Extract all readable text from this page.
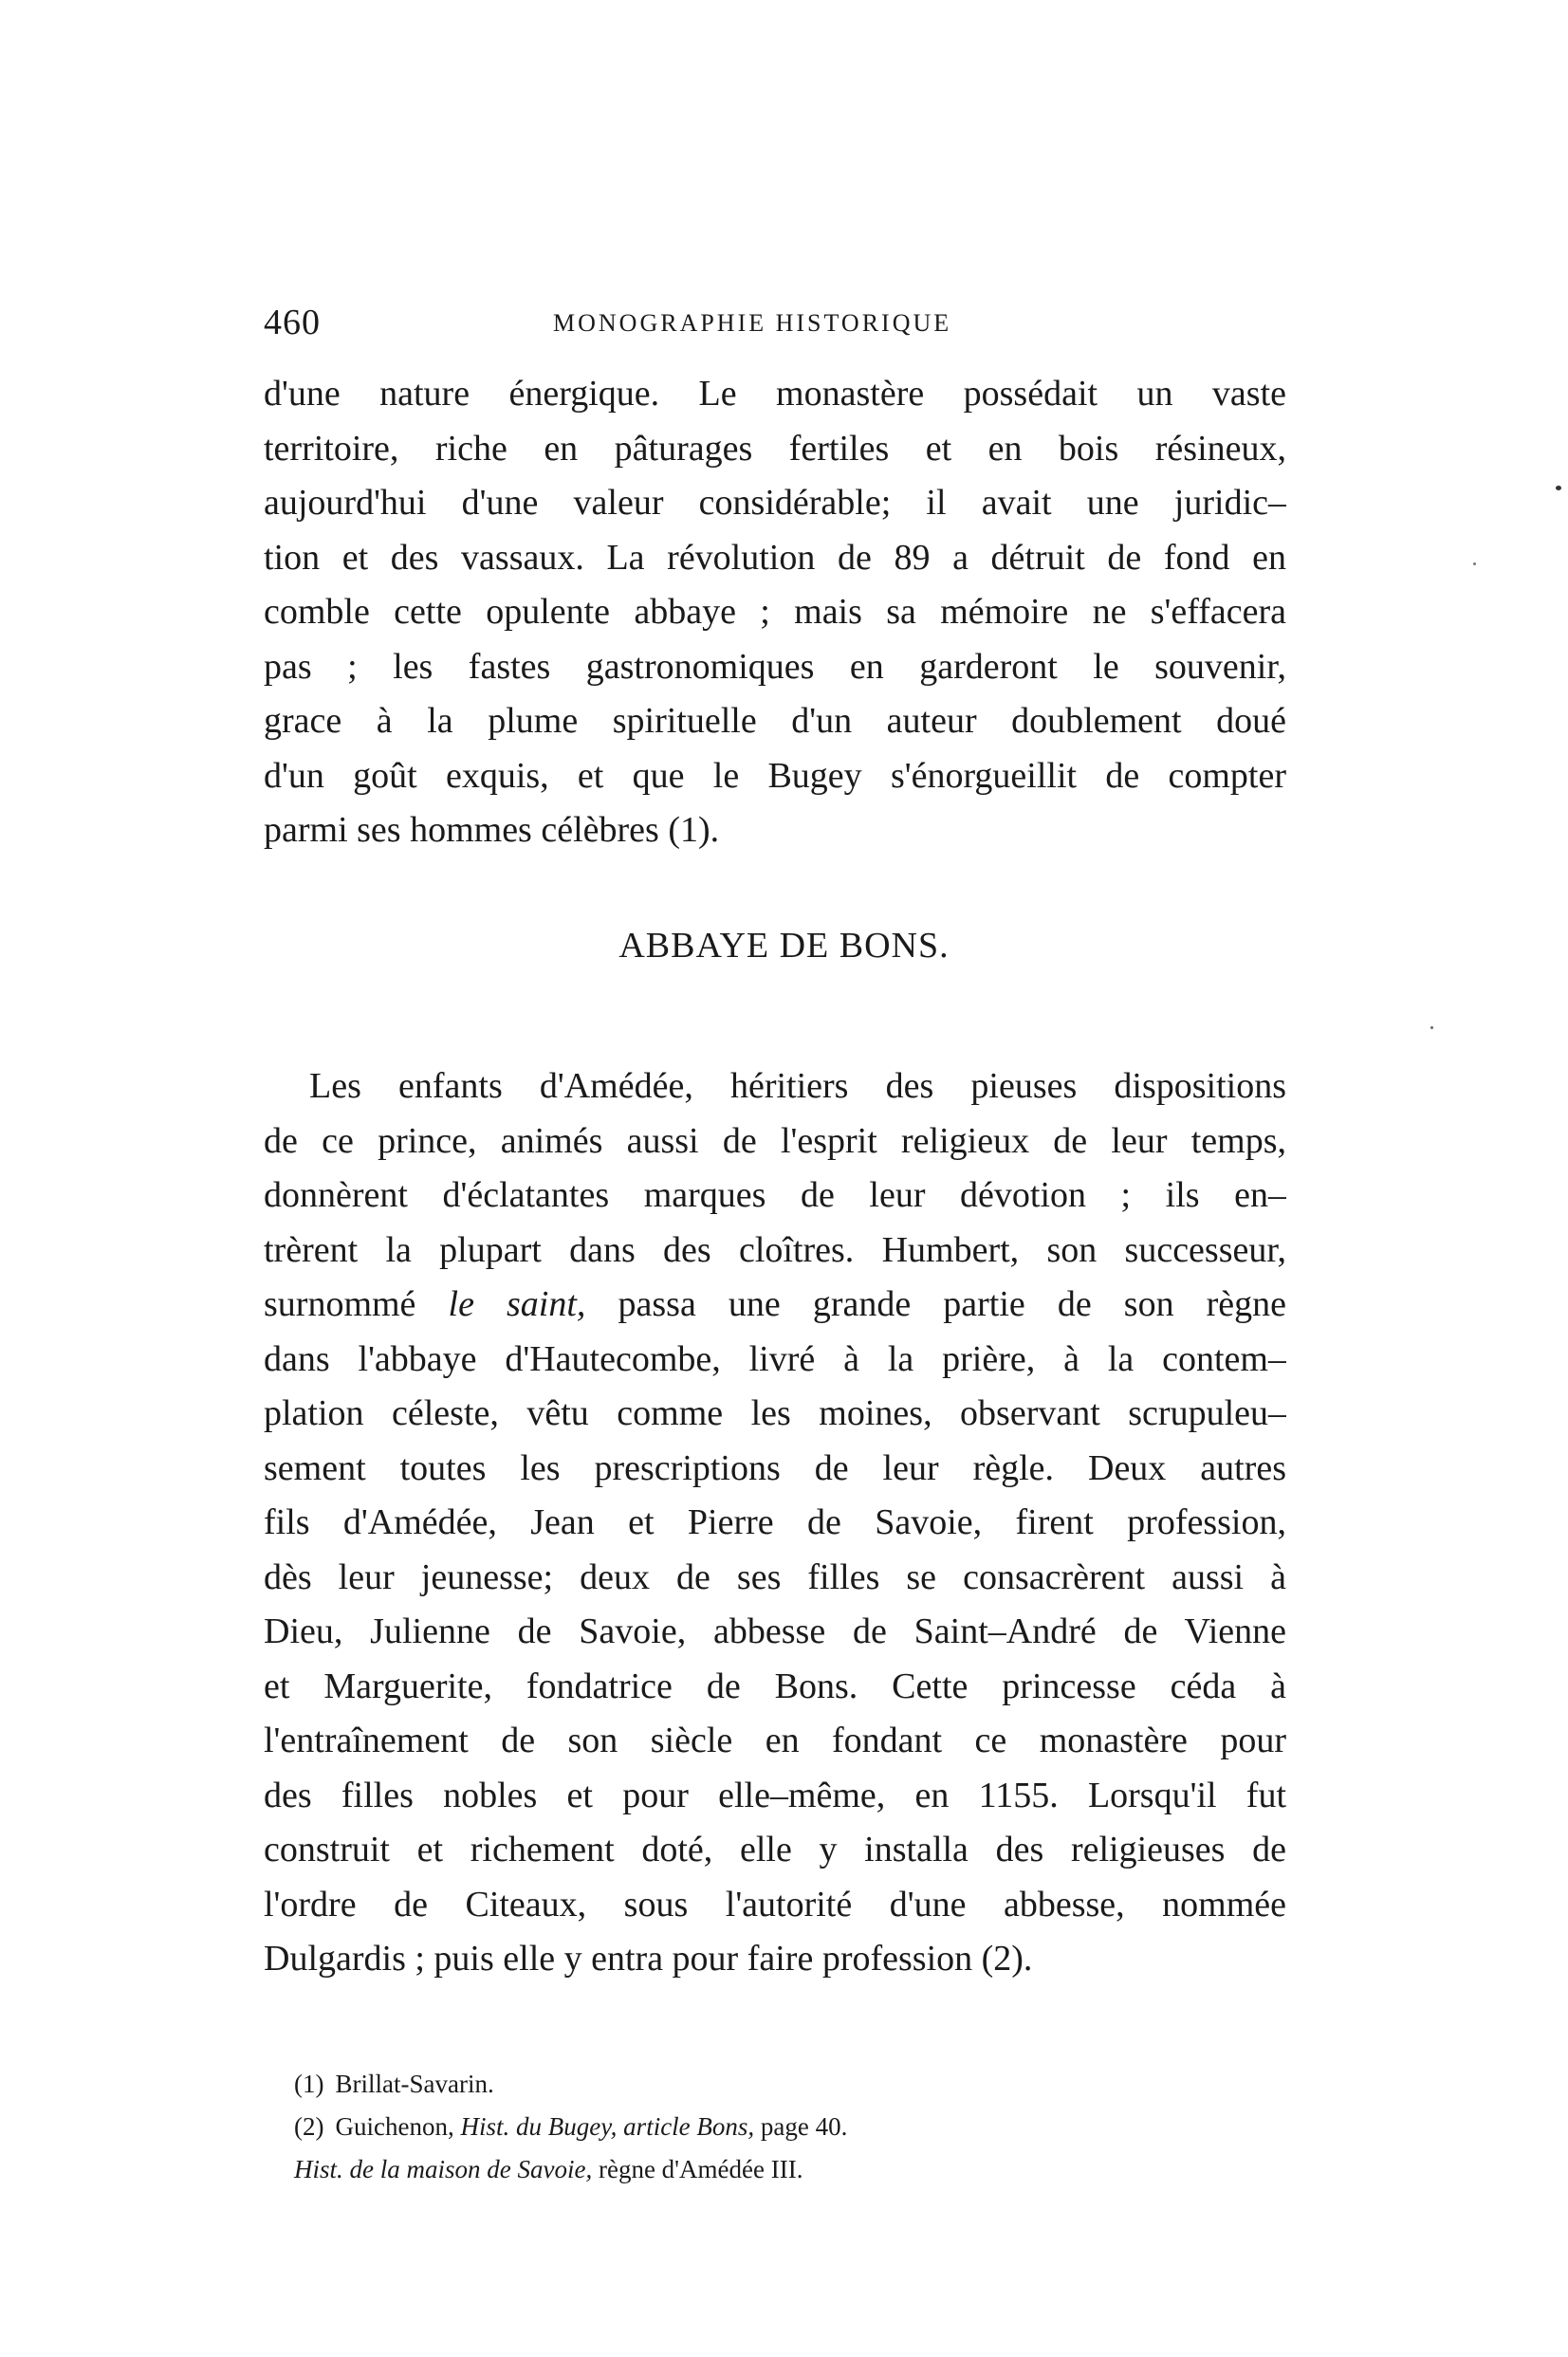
460	MONOGRAPHIE HISTORIQUE
d'une nature énergique. Le monastère possédait un vaste
territoire, riche en pâturages fertiles et en bois résineux,
aujourd'hui d'une valeur considérable; il avait une juridic–
tion et des vassaux. La révolution de 89 a détruit de fond en
comble cette opulente abbaye ; mais sa mémoire ne s'effacera
pas ; les fastes gastronomiques en garderont le souvenir,
grace à la plume spirituelle d'un auteur doublement doué
d'un goût exquis, et que le Bugey s'énorgueillit de compter
parmi ses hommes célèbres (1).
ABBAYE DE BONS.
Les enfants d'Amédée, héritiers des pieuses dispositions
de ce prince, animés aussi de l'esprit religieux de leur temps,
donnèrent d'éclatantes marques de leur dévotion ; ils en–
trèrent la plupart dans des cloîtres. Humbert, son successeur,
surnommé le saint, passa une grande partie de son règne
dans l'abbaye d'Hautecombe, livré à la prière, à la contem–
plation céleste, vêtu comme les moines, observant scrupuleu–
sement toutes les prescriptions de leur règle. Deux autres
fils d'Amédée, Jean et Pierre de Savoie, firent profession,
dès leur jeunesse; deux de ses filles se consacrèrent aussi à
Dieu, Julienne de Savoie, abbesse de Saint–André de Vienne
et Marguerite, fondatrice de Bons. Cette princesse céda à
l'entraînement de son siècle en fondant ce monastère pour
des filles nobles et pour elle–même, en 1155. Lorsqu'il fut
construit et richement doté, elle y installa des religieuses de
l'ordre de Citeaux, sous l'autorité d'une abbesse, nommée
Dulgardis ; puis elle y entra pour faire profession (2).
(1) Brillat-Savarin.
(2) Guichenon, Hist. du Bugey, article Bons, page 40.
Hist. de la maison de Savoie, règne d'Amédée III.
